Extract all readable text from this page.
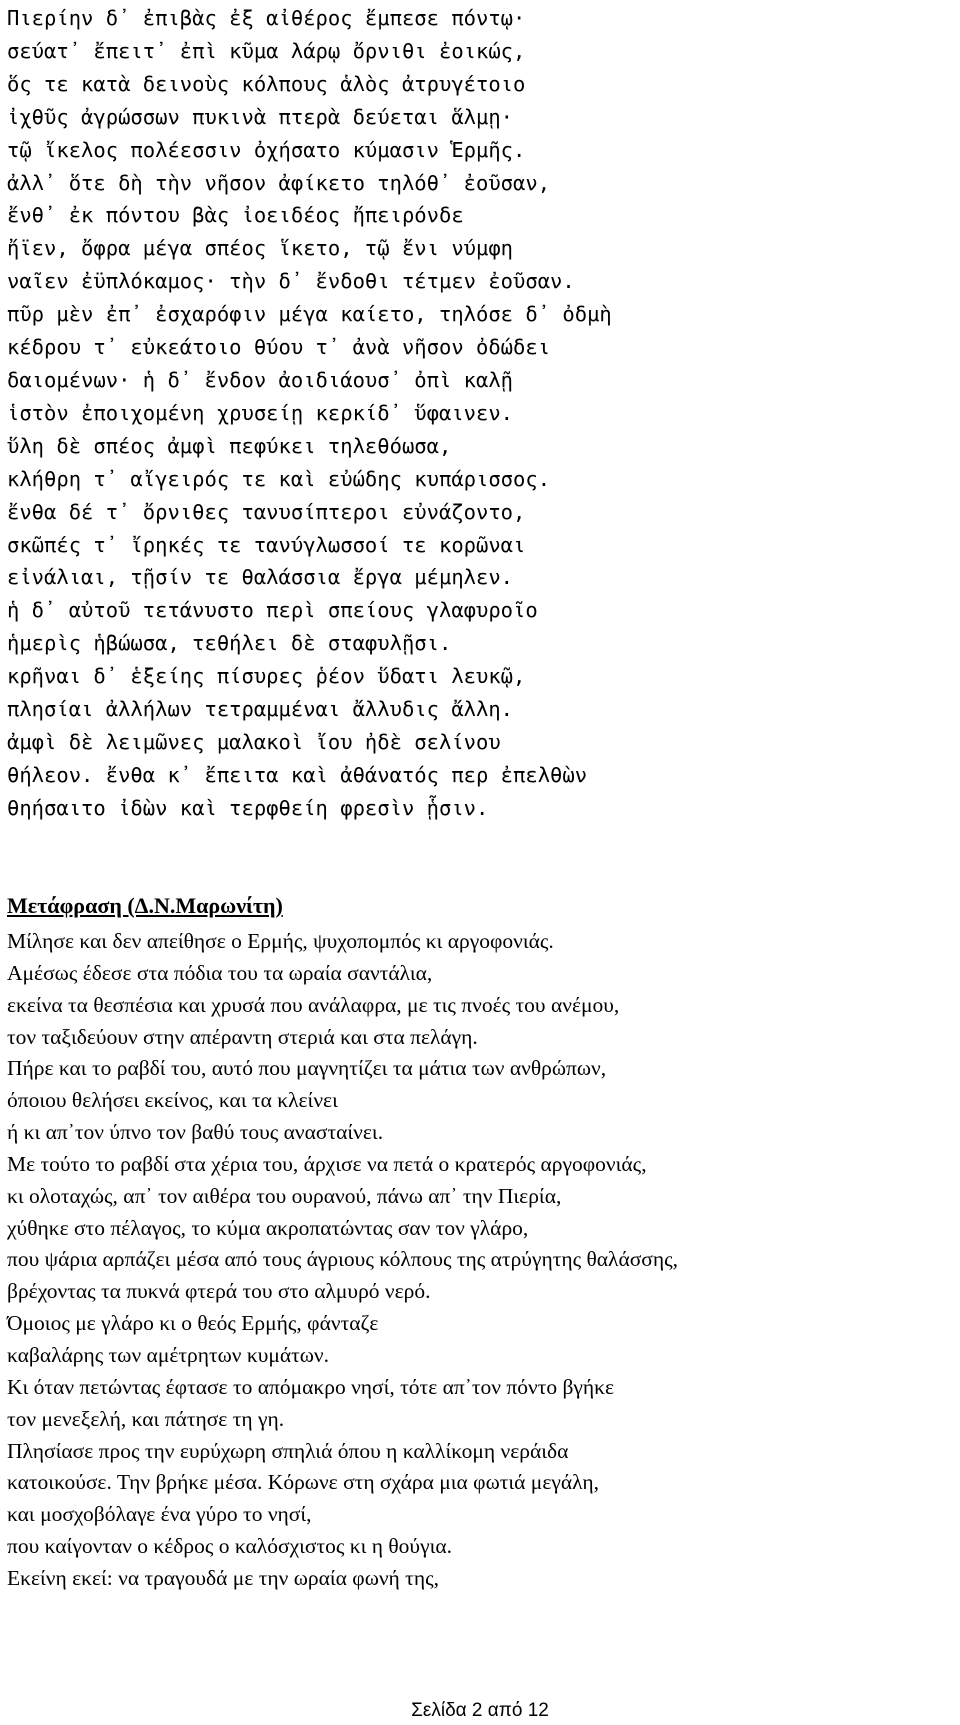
Πιερίην δ᾿ ἐπιβὰς ἐξ αἰθέρος ἔμπεσε πόντῳ·
σεύατ᾿ ἔπειτ᾿ ἐπὶ κῦμα λάρῳ ὄρνιθι ἐοικώς,
ὅς τε κατὰ δεινοὺς κόλπους ἁλὸς ἀτρυγέτοιο
ἰχθῦς ἀγρώσσων πυκινὰ πτερὰ δεύεται ἅλμῃ·
τῷ ἴκελος πολέεσσιν ὀχήσατο κύμασιν Ἑρμῆς.
ἀλλ᾿ ὅτε δὴ τὴν νῆσον ἀφίκετο τηλόθ᾿ ἐοῦσαν,
ἔνθ᾿ ἐκ πόντου βὰς ἰοειδέος ἤπειρόνδε
ἤϊεν, ὄφρα μέγα σπέος ἵκετο, τῷ ἔνι νύμφη
ναῖεν ἐϋπλόκαμος· τὴν δ᾿ ἔνδοθι τέτμεν ἐοῦσαν.
πῦρ μὲν ἐπ᾿ ἐσχαρόφιν μέγα καίετο, τηλόσε δ᾿ ὀδμὴ
κέδρου τ᾿ εὐκεάτοιο θύου τ᾿ ἀνὰ νῆσον ὀδώδει
δαιομένων· ἡ δ᾿ ἔνδον ἀοιδιάουσ᾿ ὀπὶ καλῇ
ἱστὸν ἐποιχομένη χρυσείῃ κερκίδ᾿ ὕφαινεν.
ὕλη δὲ σπέος ἀμφὶ πεφύκει τηλεθόωσα,
κλήθρη τ᾿ αἴγειρός τε καὶ εὐώδης κυπάρισσος.
ἔνθα δέ τ᾿ ὄρνιθες τανυσίπτεροι εὐνάζοντο,
σκῶπές τ᾿ ἴρηκές τε τανύγλωσσοί τε κορῶναι
εἰνάλιαι, τῇσίν τε θαλάσσια ἔργα μέμηλεν.
ἡ δ᾿ αὐτοῦ τετάνυστο περὶ σπείους γλαφυροῖο
ἡμερὶς ἡβώωσα, τεθήλει δὲ σταφυλῇσι.
κρῆναι δ᾿ ἑξείης πίσυρες ῥέον ὕδατι λευκῷ,
πλησίαι ἀλλήλων τετραμμέναι ἄλλυδις ἄλλη.
ἀμφὶ δὲ λειμῶνες μαλακοὶ ἴου ἠδὲ σελίνου
θήλεον. ἔνθα κ᾿ ἔπειτα καὶ ἀθάνατός περ ἐπελθὼν
θηήσαιτο ἰδὼν καὶ τερφθείη φρεσὶν ᾗσιν.
Μετάφραση (Δ.Ν.Μαρωνίτη)
Μίλησε και δεν απείθησε ο Ερμής, ψυχοπομπός κι αργοφονιάς.
Αμέσως έδεσε στα πόδια του τα ωραία σαντάλια,
εκείνα τα θεσπέσια και χρυσά που ανάλαφρα, με τις πνοές του ανέμου,
τον ταξιδεύουν στην απέραντη στεριά και στα πελάγη.
Πήρε και το ραβδί του, αυτό που μαγνητίζει τα μάτια των ανθρώπων,
όποιου θελήσει εκείνος, και τα κλείνει
ή κι απ᾿τον ύπνο τον βαθύ τους ανασταίνει.
Με τούτο το ραβδί στα χέρια του, άρχισε να πετά ο κρατερός αργοφονιάς,
κι ολοταχώς, απ᾿ τον αιθέρα του ουρανού, πάνω απ᾿ την Πιερία,
χύθηκε στο πέλαγος, το κύμα ακροπατώντας σαν τον γλάρο,
που ψάρια αρπάζει μέσα από τους άγριους κόλπους της ατρύγητης θαλάσσης,
βρέχοντας τα πυκνά φτερά του στο αλμυρό νερό.
Όμοιος με γλάρο κι ο θεός Ερμής, φάνταζε
καβαλάρης των αμέτρητων κυμάτων.
Κι όταν πετώντας έφτασε το απόμακρο νησί, τότε απ᾿τον πόντο βγήκε
τον μενεξελή, και πάτησε τη γη.
Πλησίασε προς την ευρύχωρη σπηλιά όπου η καλλίκομη νεράιδα
κατοικούσε. Την βρήκε μέσα. Κόρωνε στη σχάρα μια φωτιά μεγάλη,
και μοσχοβόλαγε ένα γύρο το νησί,
που καίγονταν ο κέδρος ο καλόσχιστος κι η θούγια.
Εκείνη εκεί: να τραγουδά με την ωραία φωνή της,
Σελίδα 2 από 12
